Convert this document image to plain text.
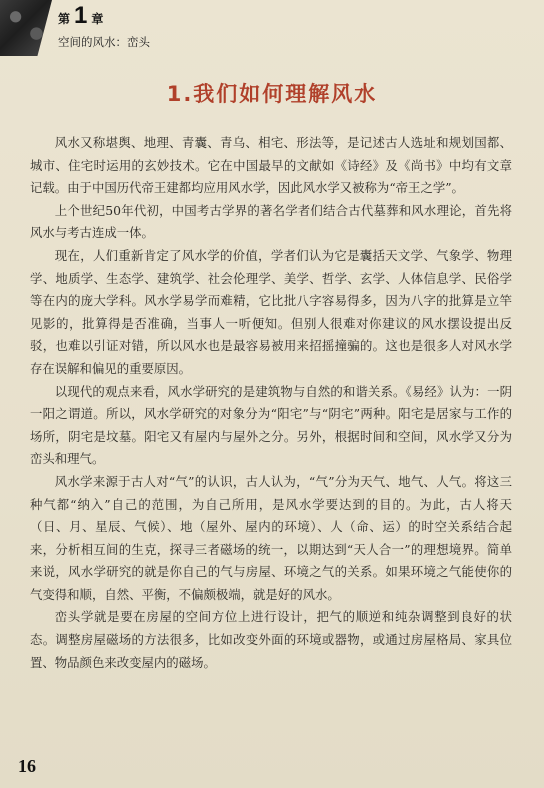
第 1 章
空间的风水：峦头
1.我们如何理解风水

风水又称堪舆、地理、青囊、青乌、相宅、形法等，是记述古人选址和规划国都、城市、住宅时运用的玄妙技术。它在中国最早的文献如《诗经》及《尚书》中均有文章记载。由于中国历代帝王建都均应用风水学，因此风水学又被称为“帝王之学”。

上个世纪50年代初，中国考古学界的著名学者们结合古代墓葬和风水理论，首先将风水与考古连成一体。

现在，人们重新肯定了风水学的价值，学者们认为它是囊括天文学、气象学、物理学、地质学、生态学、建筑学、社会伦理学、美学、哲学、玄学、人体信息学、民俗学等在内的庞大学科。风水学易学而难精，它比批八字容易得多，因为八字的批算是立竿见影的，批算得是否准确，当事人一听便知。但别人很难对你建议的风水摆设提出反驳，也难以引证对错，所以风水也是最容易被用来招摇撞骗的。这也是很多人对风水学存在误解和偏见的重要原因。

以现代的观点来看，风水学研究的是建筑物与自然的和谐关系。《易经》认为：一阴一阳之谓道。所以，风水学研究的对象分为“阳宅”与“阴宅”两种。阳宅是居家与工作的场所，阴宅是坟墓。阳宅又有屋内与屋外之分。另外，根据时间和空间，风水学又分为峦头和理气。

风水学来源于古人对“气”的认识，古人认为，“气”分为天气、地气、人气。将这三种气都“纳入”自己的范围，为自己所用，是风水学要达到的目的。为此，古人将天（日、月、星辰、气候）、地（屋外、屋内的环境）、人（命、运）的时空关系结合起来，分析相互间的生克，探寻三者磁场的统一，以期达到“天人合一”的理想境界。简单来说，风水学研究的就是你自己的气与房屋、环境之气的关系。如果环境之气能使你的气变得和顺，自然、平衡，不偏颇极端，就是好的风水。

峦头学就是要在房屋的空间方位上进行设计，把气的顺逆和纯杂调整到良好的状态。调整房屋磁场的方法很多，比如改变外面的环境或器物，或通过房屋格局、家具位置、物品颜色来改变屋内的磁场。

16
